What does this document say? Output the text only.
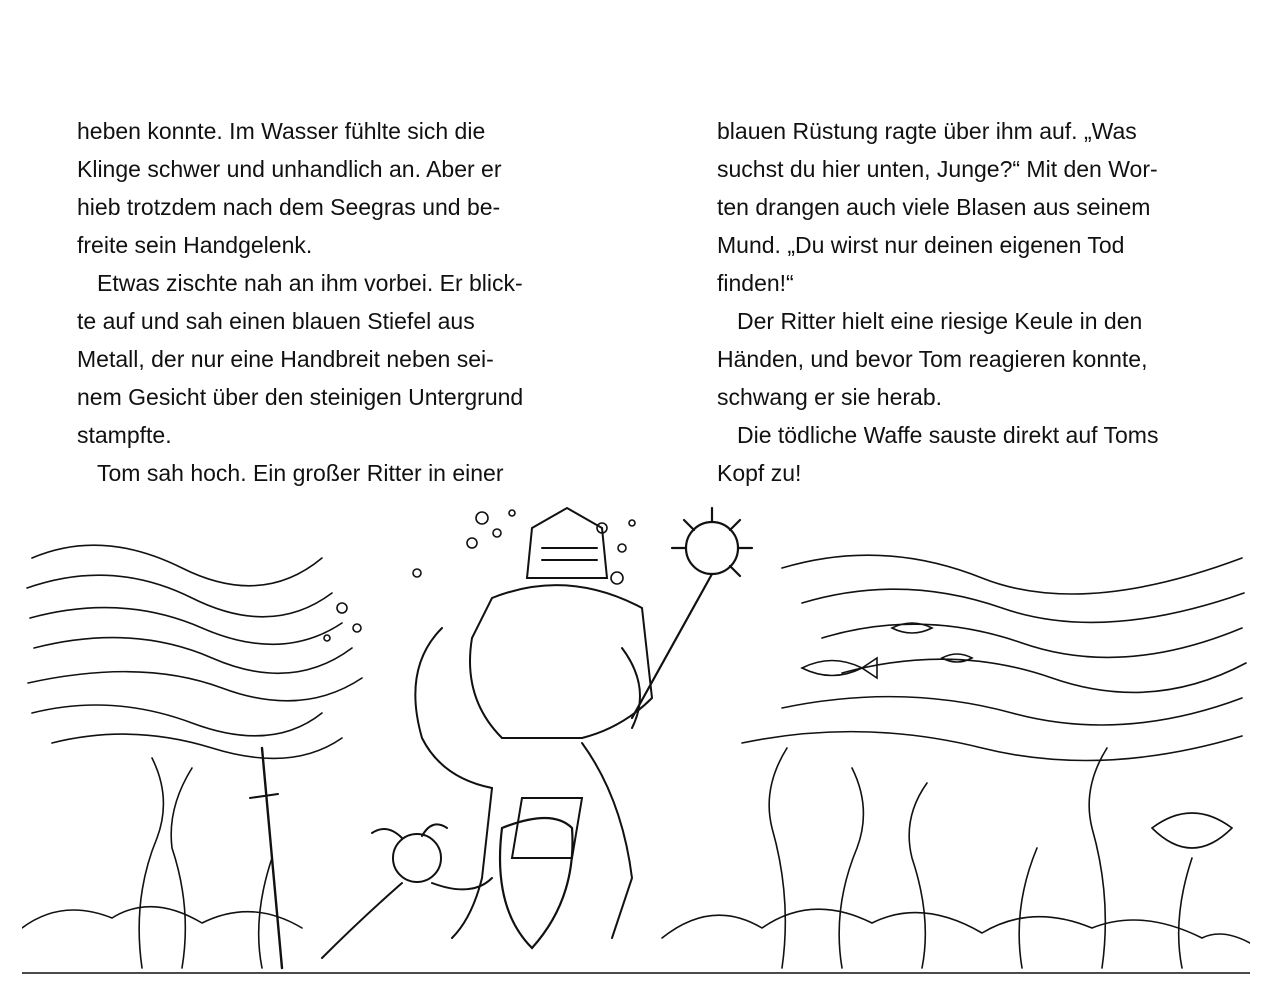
heben konnte. Im Wasser fühlte sich die
Klinge schwer und unhandlich an. Aber er
hieb trotzdem nach dem Seegras und be-
freite sein Handgelenk.
Etwas zischte nah an ihm vorbei. Er blick-
te auf und sah einen blauen Stiefel aus
Metall, der nur eine Handbreit neben sei-
nem Gesicht über den steinigen Untergrund
stampfte.
Tom sah hoch. Ein großer Ritter in einer
blauen Rüstung ragte über ihm auf. „Was
suchst du hier unten, Junge?“ Mit den Wor-
ten drangen auch viele Blasen aus seinem
Mund. „Du wirst nur deinen eigenen Tod
finden!“
Der Ritter hielt eine riesige Keule in den
Händen, und bevor Tom reagieren konnte,
schwang er sie herab.
Die tödliche Waffe sauste direkt auf Toms
Kopf zu!
